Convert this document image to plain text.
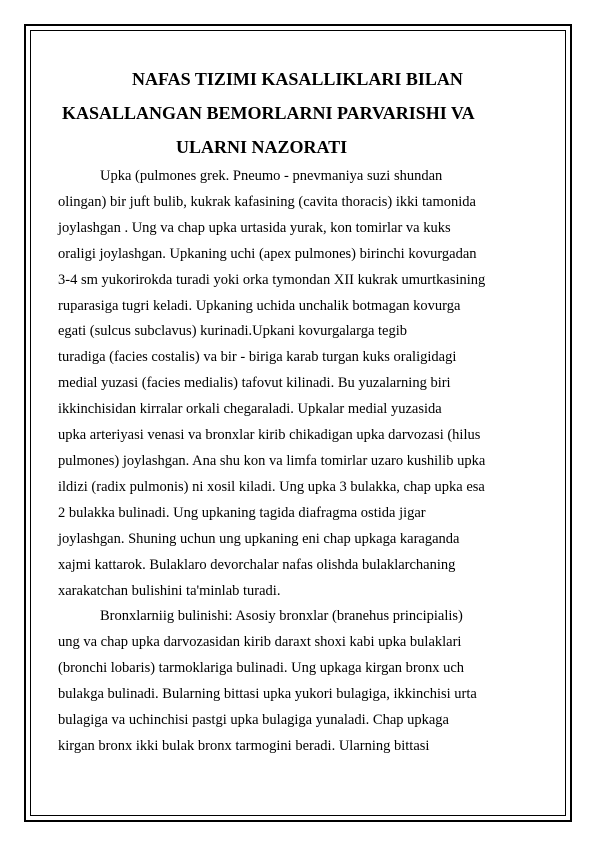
NAFAS TIZIMI KASALLIKLARI BILAN
KASALLANGAN BEMORLARNI PARVARISHI VA
ULARNI NAZORATI

Upka (pulmones grek. Pneumo - pnevmaniya suzi shundan
olingan) bir juft bulib, kukrak kafasining (cavita thoracis) ikki tamonida
joylashgan . Ung va chap upka urtasida yurak, kon tomirlar va kuks
oraligi joylashgan. Upkaning uchi (apex pulmones) birinchi kovurgadan
3-4 sm yukorirokda turadi yoki orka tymondan XII kukrak umurtkasining
ruparasiga tugri keladi. Upkaning uchida unchalik botmagan kovurga
egati (sulcus subclavus) kurinadi.Upkani kovurgalarga tegib
turadiga (facies costalis) va bir - biriga karab turgan kuks oraligidagi
medial yuzasi (facies medialis) tafovut kilinadi. Bu yuzalarning biri
ikkinchisidan kirralar orkali chegaraladi. Upkalar medial yuzasida
upka arteriyasi venasi va bronxlar kirib chikadigan upka darvozasi (hilus
pulmones) joylashgan. Ana shu kon va limfa tomirlar uzaro kushilib upka
ildizi (radix pulmonis) ni xosil kiladi. Ung upka 3 bulakka, chap upka esa
2 bulakka bulinadi. Ung upkaning tagida diafragma ostida jigar
joylashgan. Shuning uchun ung upkaning eni chap upkaga karaganda
xajmi kattarok. Bulaklaro devorchalar nafas olishda bulaklarchaning
xarakatchan bulishini ta'minlab turadi.

Bronxlarniig bulinishi: Asosiy bronxlar (branehus principialis)
ung va chap upka darvozasidan kirib daraxt shoxi kabi upka bulaklari
(bronchi lobaris) tarmoklariga bulinadi. Ung upkaga kirgan bronx uch
bulakga bulinadi. Bularning bittasi upka yukori bulagiga, ikkinchisi urta
bulagiga va uchinchisi pastgi upka bulagiga yunaladi. Chap upkaga
kirgan bronx ikki bulak bronx tarmogini beradi. Ularning bittasi
